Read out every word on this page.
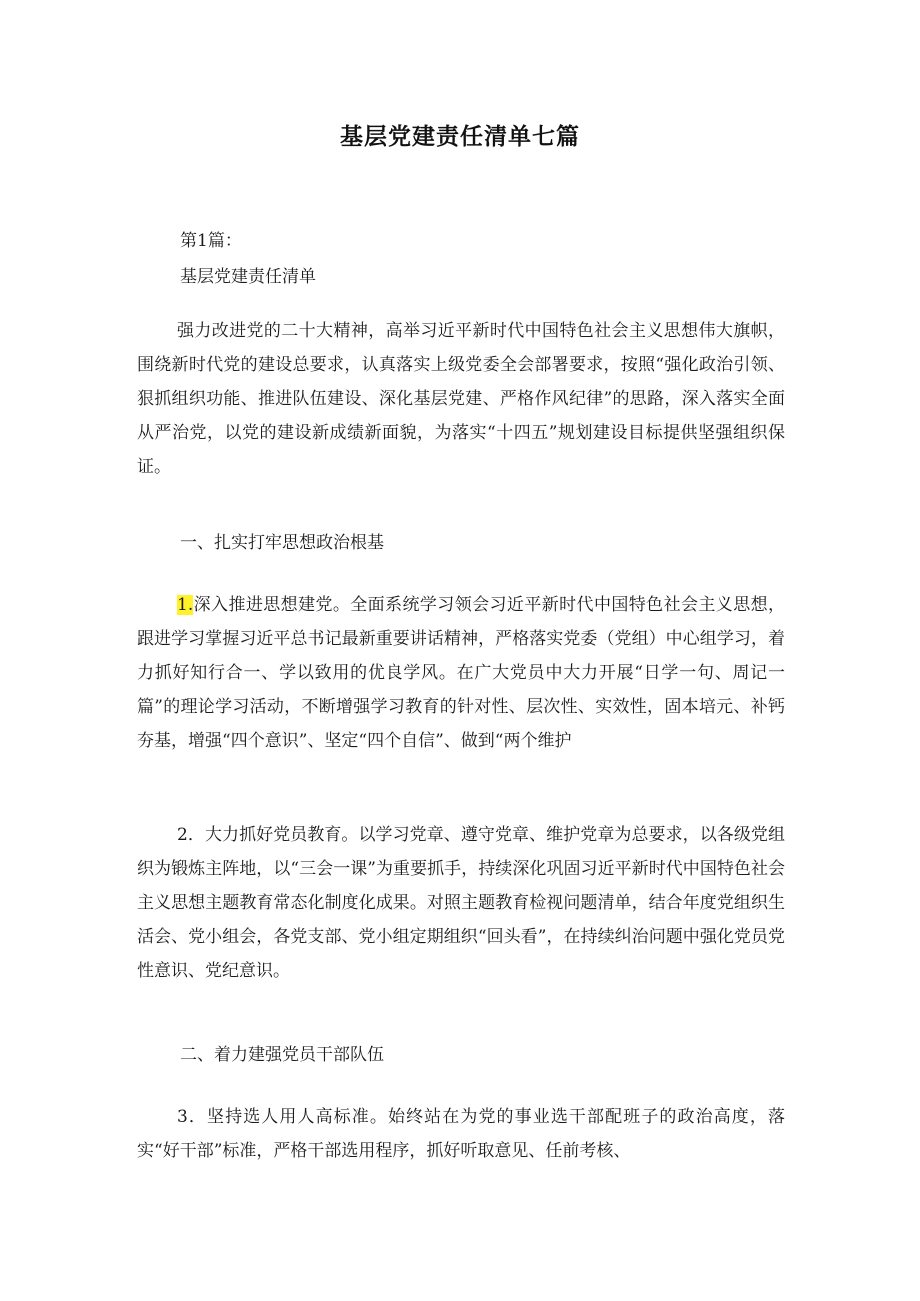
基层党建责任清单七篇
第1篇：
基层党建责任清单

强力改进党的二十大精神，高举习近平新时代中国特色社会主义思想伟大旗帜，围绕新时代党的建设总要求，认真落实上级党委全会部署要求，按照“强化政治引领、狠抓组织功能、推进队伍建设、深化基层党建、严格作风纪律”的思路，深入落实全面从严治党，以党的建设新成绩新面貌，为落实“十四五”规划建设目标提供坚强组织保证。

一、扎实打牢思想政治根基

1.深入推进思想建党。全面系统学习领会习近平新时代中国特色社会主义思想，跟进学习掌握习近平总书记最新重要讲话精神，严格落实党委（党组）中心组学习，着力抓好知行合一、学以致用的优良学风。在广大党员中大力开展“日学一句、周记一篇”的理论学习活动，不断增强学习教育的针对性、层次性、实效性，固本培元、补钙夯基，增强“四个意识”、坚定“四个自信”、做到“两个维护

2．大力抓好党员教育。以学习党章、遵守党章、维护党章为总要求，以各级党组织为锻炼主阵地，以“三会一课”为重要抓手，持续深化巩固习近平新时代中国特色社会主义思想主题教育常态化制度化成果。对照主题教育检视问题清单，结合年度党组织生活会、党小组会，各党支部、党小组定期组织“回头看”，在持续纠治问题中强化党员党性意识、党纪意识。

二、着力建强党员干部队伍

3．坚持选人用人高标准。始终站在为党的事业选干部配班子的政治高度，落实“好干部”标准，严格干部选用程序，抓好听取意见、任前考核、
